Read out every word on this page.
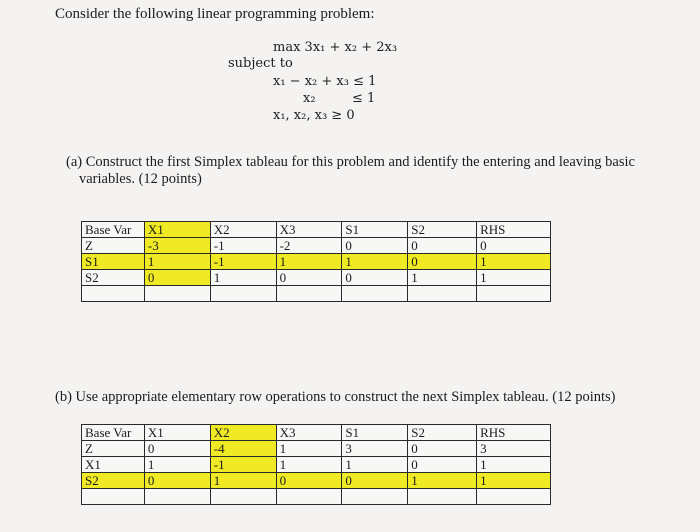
Consider the following linear programming problem:
max 3x₁ + x₂ + 2x₃
subject to
x₁ − x₂ + x₃ ≤ 1
x₂	≤ 1
x₁, x₂, x₃ ≥ 0
(a) Construct the first Simplex tableau for this problem and identify the entering and leaving basic
variables. (12 points)
Base Var	X1	X2	X3	S1	S2	RHS
Z	-3	-1	-2	0	0	0
S1	1	-1	1	1	0	1
S2	0	1	0	0	1	1

(b) Use appropriate elementary row operations to construct the next Simplex tableau. (12 points)
Base Var	X1	X2	X3	S1	S2	RHS
Z	0	-4	1	3	0	3
X1	1	-1	1	1	0	1
S2	0	1	0	0	1	1
